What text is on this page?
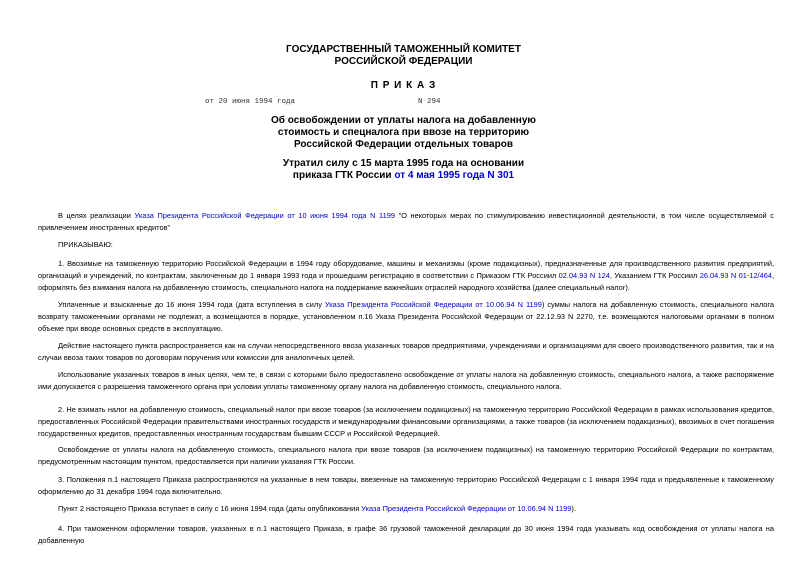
ГОСУДАРСТВЕННЫЙ ТАМОЖЕННЫЙ КОМИТЕТ
РОССИЙСКОЙ ФЕДЕРАЦИИ
П Р И К А З
от 20 июня 1994 года	N 294
Об освобождении от уплаты налога на добавленную
стоимость и спецналога при ввозе на территорию
Российской Федерации отдельных товаров
Утратил силу с 15 марта 1995 года на основании
приказа ГТК России от 4 мая 1995 года N 301
В целях реализации Указа Президента Российской Федерации от 10 июня 1994 года N 1199 "О некоторых мерах по стимулированию инвестиционной деятельности, в том числе осуществляемой с привлечением иностранных кредитов"
ПРИКАЗЫВАЮ:
1. Ввозимые на таможенную территорию Российской Федерации в 1994 году оборудование, машины и механизмы (кроме подакцизных), предназначенные для производственного развития предприятий, организаций и учреждений, по контрактам, заключенным до 1 января 1993 года и прошедшим регистрацию в соответствии с Приказом ГТК Россиил 02.04.93 N 124, Указанием ГТК Россиил 26.04.93 N 01-12/464, оформлять без взимания налога на добавленную стоимость, специального налога на поддержание важнейших отраслей народного хозяйства (далее специальный налог).
Уплаченные и взысканные до 16 июня 1994 года (дата вступления в силу Указа Президента Российской Федерации от 10.06.94 N 1199) суммы налога на добавленную стоимость, специального налога возврату таможенными органами не подлежат, а возмещаются в порядке, установленном п.16 Указа Президента Российской Федерации от 22.12.93 N 2270, т.е. возмещаются налоговыми органами в полном объеме при вводе основных средств в эксплуатацию.
Действие настоящего пункта распространяется как на случаи непосредственного ввоза указанных товаров предприятиями, учреждениями и организациями для своего производственного развития, так и на случаи ввоза таких товаров по договорам поручения или комиссии для аналогичных целей.
Использование указанных товаров в иных целях, чем те, в связи с которыми было предоставлено освобождение от уплаты налога на добавленную стоимость, специального налога, а также распоряжение ими допускается с разрешения таможенного органа при условии уплаты таможенному органу налога на добавленную стоимость, специального налога.
2. Не взимать налог на добавленную стоимость, специальный налог при ввозе товаров (за исключением подакцизных) на таможенную территорию Российской Федерации в рамках использования кредитов, предоставленных Российской Федерации правительствами иностранных государств и международными финансовыми организациями, а также товаров (за исключением подакцизных), ввозимых в счет погашения государственных кредитов, предоставленных иностранным государствам бывшим СССР и Российской Федерацией.
Освобождение от уплаты налога на добавленную стоимость, специального налога при ввозе товаров (за исключением подакцизных) на таможенную территорию Российской Федерации по контрактам, предусмотренным настоящим пунктом, предоставляется при наличии указания ГТК России.
3. Положения п.1 настоящего Приказа распространяются на указанные в нем товары, ввезенные на таможенную территорию Российской Федерации с 1 января 1994 года и предъявленные к таможенному оформлению до 31 декабря 1994 года включительно.
Пункт 2 настоящего Приказа вступает в силу с 16 июня 1994 года (даты опубликования Указа Президента Российской Федерации от 10.06.94 N 1199).
4. При таможенном оформлении товаров, указанных в п.1 настоящего Приказа, в графе 36 грузовой таможенной декларации до 30 июня 1994 года указывать код освобождения от уплаты налога на добавленную
